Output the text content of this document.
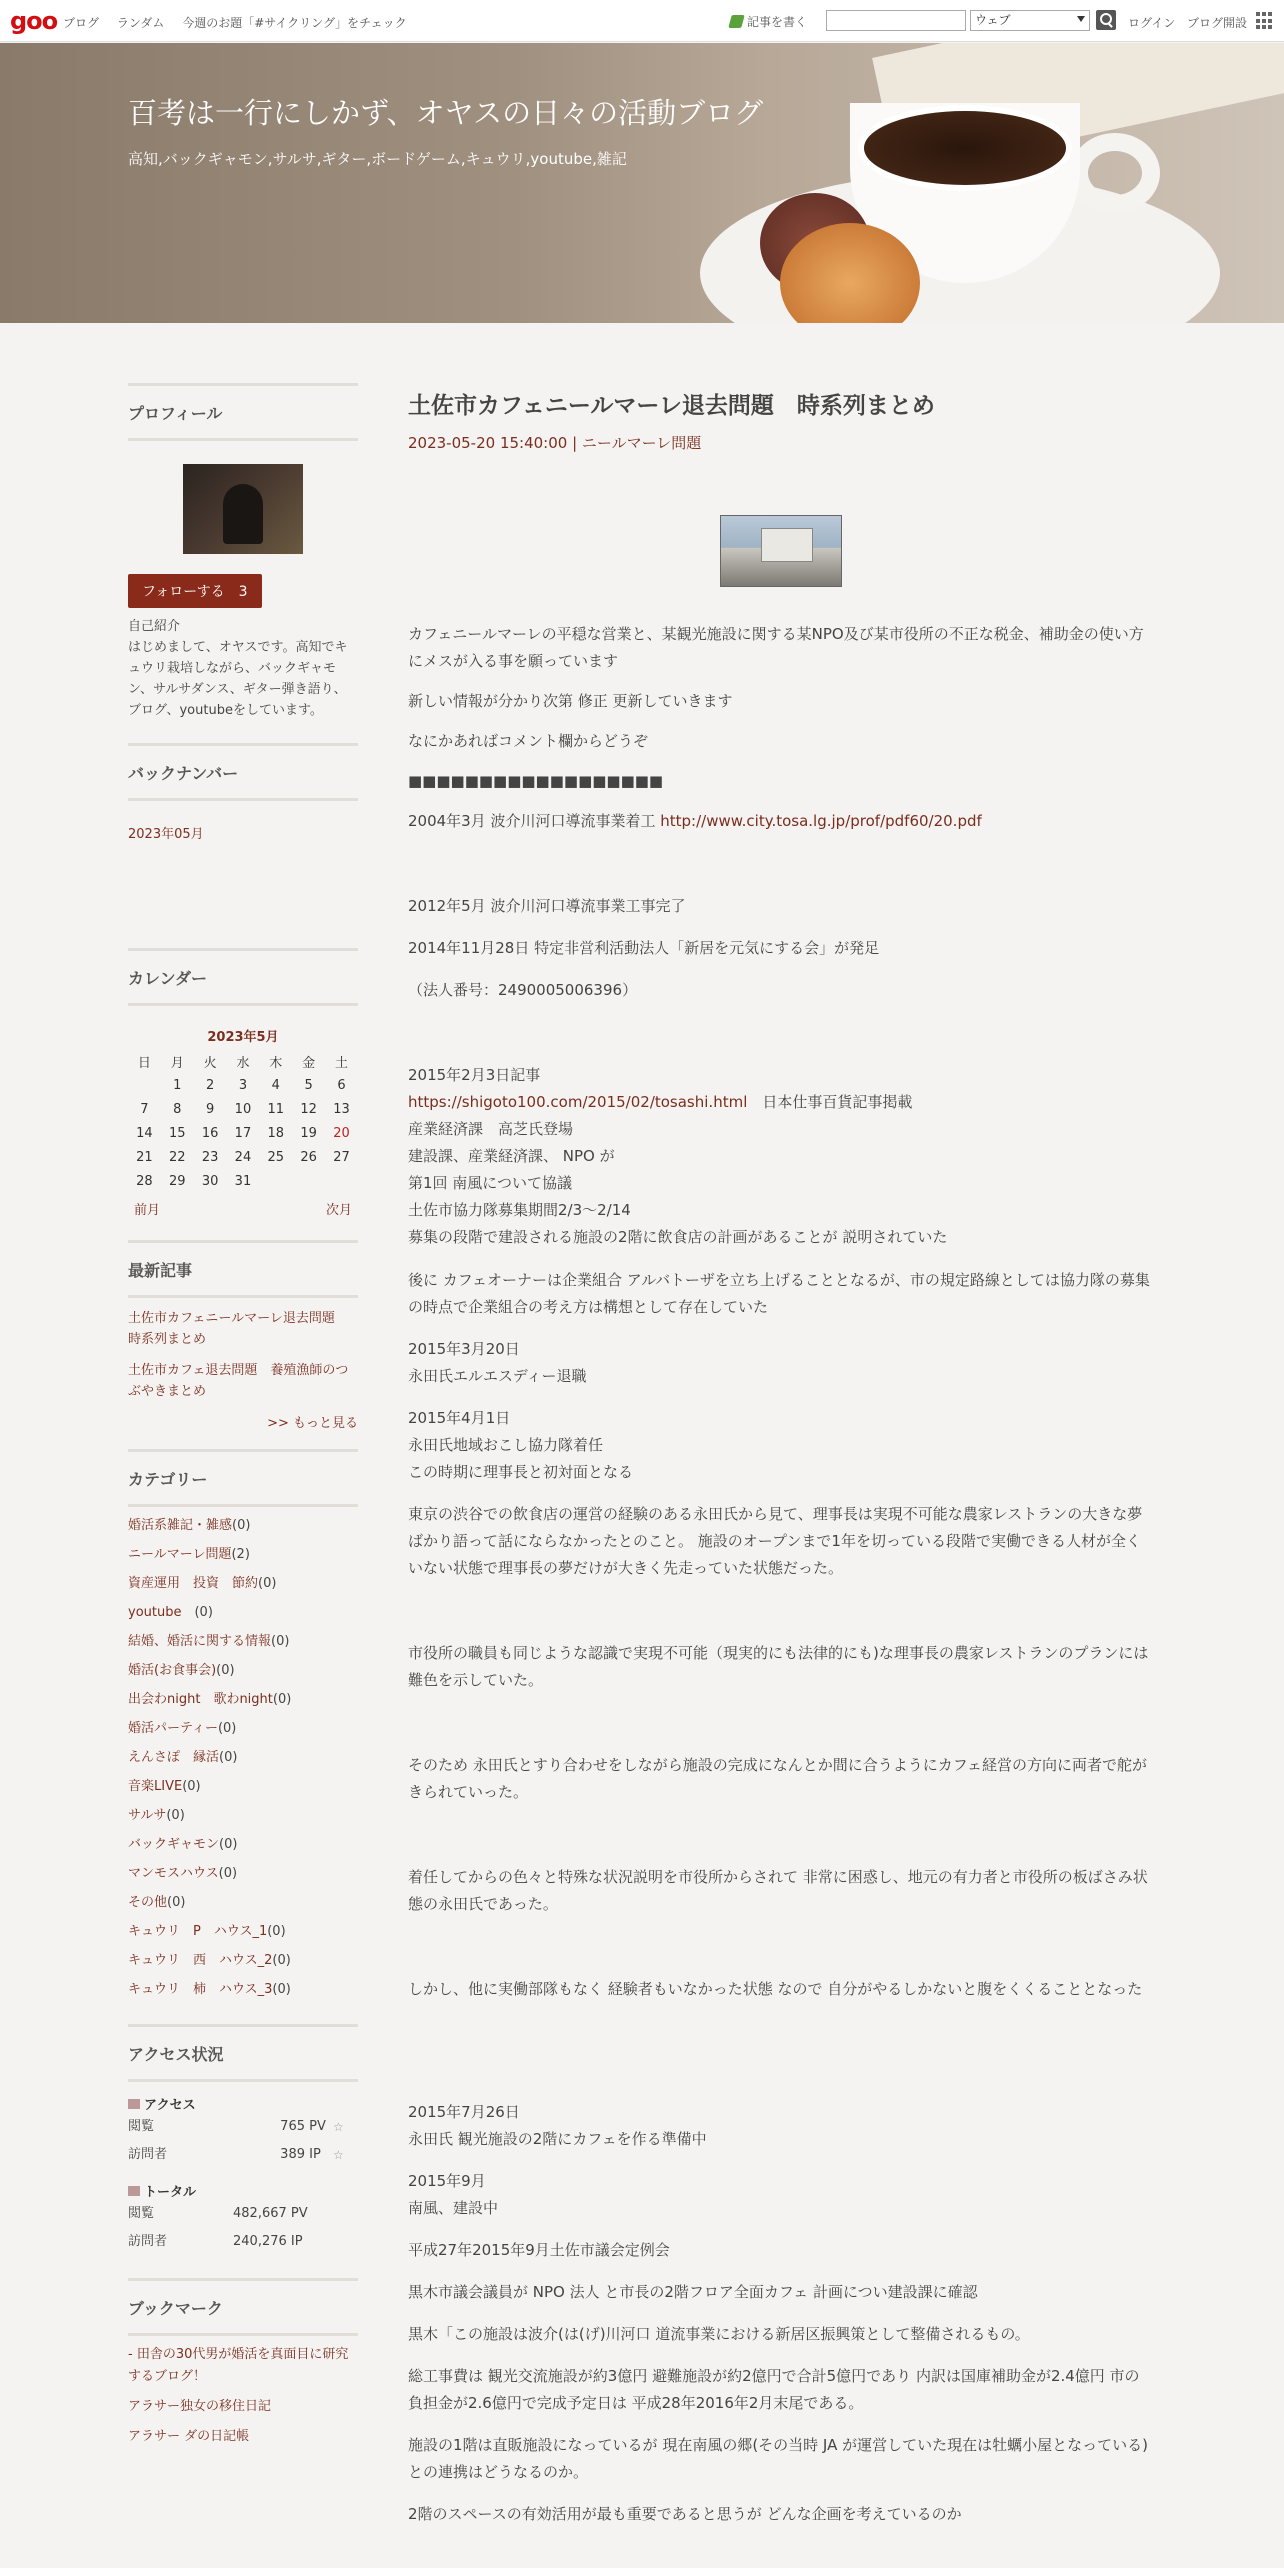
goo ブログ ランダム 今週のお題「#サイクリング」をチェック	記事を書く	ウェブ	ログイン ブログ開設
百考は一行にしかず、オヤスの日々の活動ブログ
高知,バックギャモン,サルサ,ギター,ボードゲーム,キュウリ,youtube,雑記
プロフィール
フォローする　 3
自己紹介
はじめまして、オヤスです。高知でキュウリ栽培しながら、バックギャモン、サルサダンス、ギター弾き語り、ブログ、youtubeをしています。
バックナンバー
2023年05月
カレンダー
2023年5月
日	月	火	水	木	金	土
	1	2	3	4	5	6
7	8	9	10	11	12	13
14	15	16	17	18	19	20
21	22	23	24	25	26	27
28	29	30	31			
前月	次月
最新記事
土佐市カフェニールマーレ退去問題　時系列まとめ
土佐市カフェ退去問題　養殖漁師のつぶやきまとめ
>> もっと見る
カテゴリー
婚活系雑記・雑感(0)
ニールマーレ問題(2)
資産運用　投資　節約(0)
youtube　(0)
結婚、婚活に関する情報(0)
婚活(お食事会)(0)
出会わnight　歌わnight(0)
婚活パーティー(0)
えんさぽ　縁活(0)
音楽LIVE(0)
サルサ(0)
バックギャモン(0)
マンモスハウス(0)
その他(0)
キュウリ　P　ハウス_1(0)
キュウリ　西　ハウス_2(0)
キュウリ　柿　ハウス_3(0)
アクセス状況
アクセス
閲覧	765 PV ☆
訪問者	389 IP	☆
トータル
閲覧	482,667 PV
訪問者	240,276 IP
ブックマーク
- 田舎の30代男が婚活を真面目に研究するブログ！
アラサー独女の移住日記
アラサー ダの日記帳
土佐市カフェニールマーレ退去問題　時系列まとめ
2023-05-20 15:40:00 | ニールマーレ問題
カフェニールマーレの平穏な営業と、某観光施設に関する某NPO及び某市役所の不正な税金、補助金の使い方にメスが入る事を願っています
新しい情報が分かり次第 修正 更新していきます
なにかあればコメント欄からどうぞ
■■■■■■■■■■■■■■■■■■
2004年3月 波介川河口導流事業着工 http://www.city.tosa.lg.jp/prof/pdf60/20.pdf
2012年5月 波介川河口導流事業工事完了
2014年11月28日 特定非営利活動法人「新居を元気にする会」が発足
（法人番号：2490005006396）
2015年2月3日記事
https://shigoto100.com/2015/02/tosashi.html　日本仕事百貨記事掲載
産業経済課　高芝氏登場
建設課、産業経済課、 NPO が
第1回 南風について協議
土佐市協力隊募集期間2/3〜2/14
募集の段階で建設される施設の2階に飲食店の計画があることが 説明されていた
後に カフェオーナーは企業組合 アルバトーザを立ち上げることとなるが、市の規定路線としては協力隊の募集の時点で企業組合の考え方は構想として存在していた
2015年3月20日
永田氏エルエスディー退職
2015年4月1日
永田氏地域おこし協力隊着任
この時期に理事長と初対面となる
東京の渋谷での飲食店の運営の経験のある永田氏から見て、理事長は実現不可能な農家レストランの大きな夢ばかり語って話にならなかったとのこと。 施設のオープンまで1年を切っている段階で実働できる人材が全くいない状態で理事長の夢だけが大きく先走っていた状態だった。
市役所の職員も同じような認識で実現不可能（現実的にも法律的にも)な理事長の農家レストランのプランには難色を示していた。
そのため 永田氏とすり合わせをしながら施設の完成になんとか間に合うようにカフェ経営の方向に両者で舵がきられていった。
着任してからの色々と特殊な状況説明を市役所からされて 非常に困惑し、地元の有力者と市役所の板ばさみ状態の永田氏であった。
しかし、他に実働部隊もなく 経験者もいなかった状態 なので 自分がやるしかないと腹をくくることとなった
2015年7月26日
永田氏 観光施設の2階にカフェを作る準備中
2015年9月
南風、建設中
平成27年2015年9月土佐市議会定例会
黒木市議会議員が NPO 法人 と市長の2階フロア全面カフェ 計画につい建設課に確認
黒木「この施設は波介(は(げ)川河口 道流事業における新居区振興策として整備されるもの。
総工事費は 観光交流施設が約3億円 避難施設が約2億円で合計5億円であり 内訳は国庫補助金が2.4億円 市の負担金が2.6億円で完成予定日は 平成28年2016年2月末尾である。
施設の1階は直販施設になっているが 現在南風の郷(その当時 JA が運営していた現在は牡蠣小屋となっている)との連携はどうなるのか。
2階のスペースの有効活用が最も重要であると思うが どんな企画を考えているのか
